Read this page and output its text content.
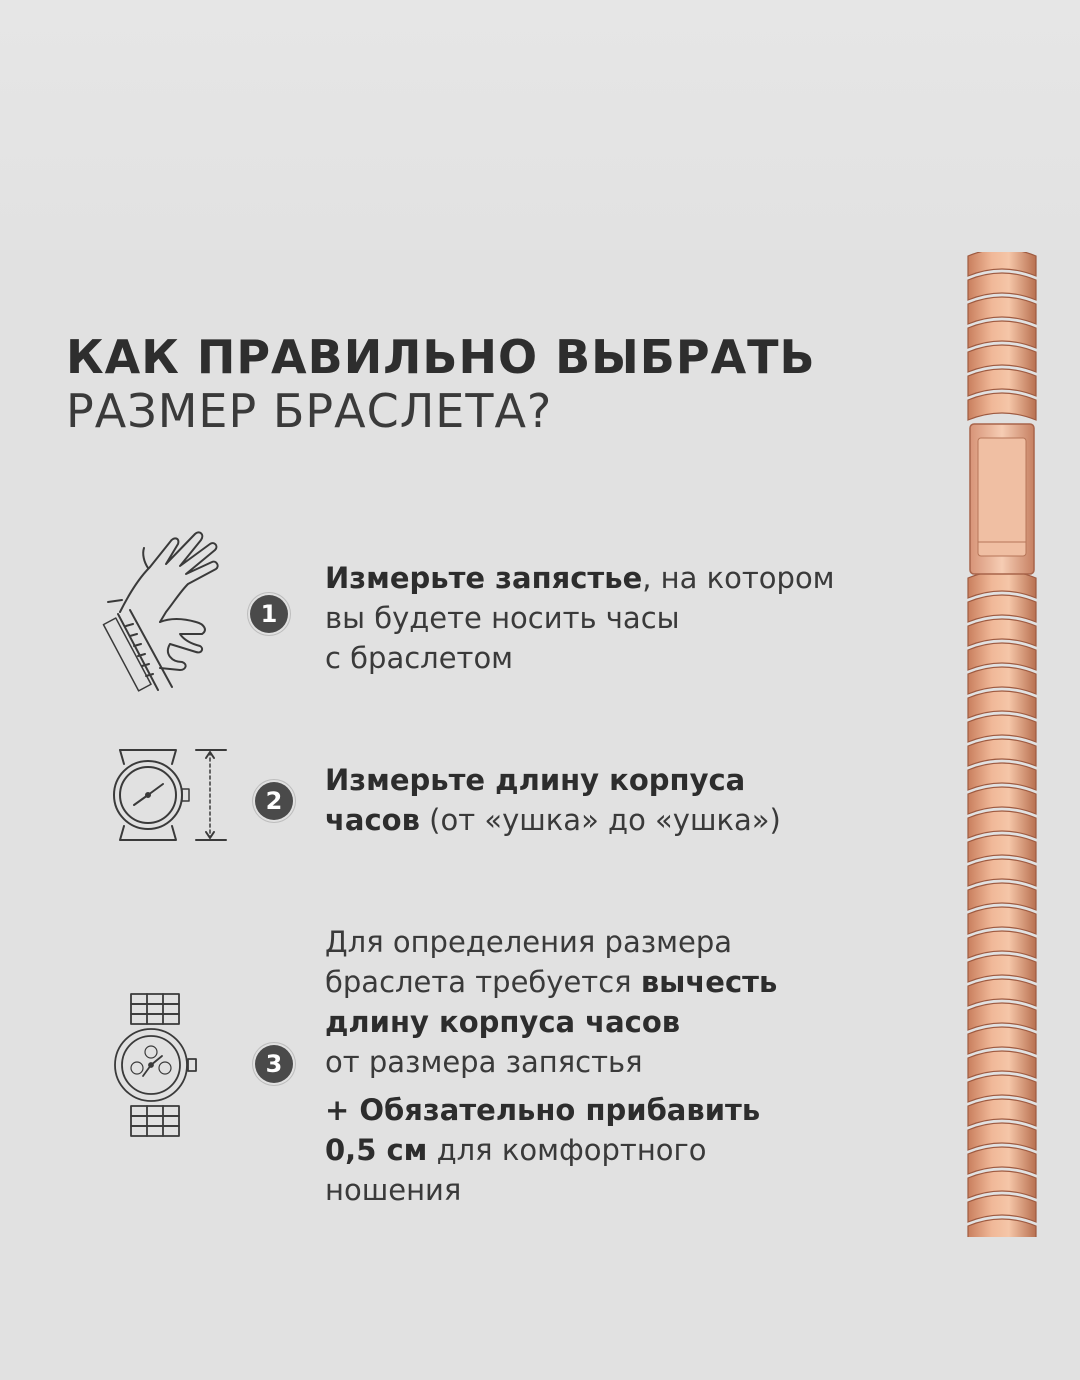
КАК ПРАВИЛЬНО ВЫБРАТЬ
РАЗМЕР БРАСЛЕТА?
1
Измерьте запястье, на котором
вы будете носить часы
с браслетом
2
Измерьте длину корпуса
часов (от «ушка» до «ушка»)
3
Для определения размера
браслета требуется вычесть
длину корпуса часов
от размера запястья
+ Обязательно прибавить
0,5 см для комфортного
ношения
